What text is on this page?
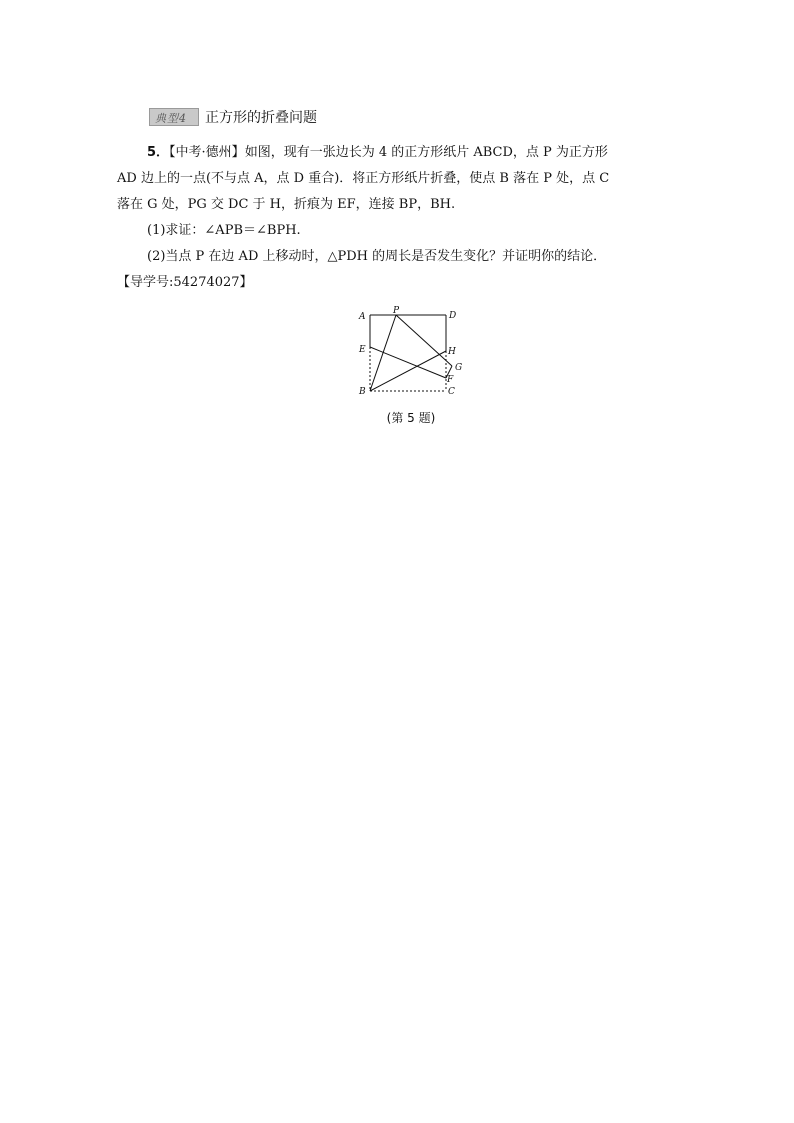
典型4 正方形的折叠问题

5．【中考·德州】如图，现有一张边长为 4 的正方形纸片 ABCD，点 P 为正方形 AD 边上的一点(不与点 A，点 D 重合)．将正方形纸片折叠，使点 B 落在 P 处，点 C 落在 G 处，PG 交 DC 于 H，折痕为 EF，连接 BP，BH.

(1)求证：∠APB＝∠BPH.

(2)当点 P 在边 AD 上移动时，△PDH 的周长是否发生变化？并证明你的结论．【导学号:54274027】

A
P	D
E	H
G
F
B	C
(第 5 题)
